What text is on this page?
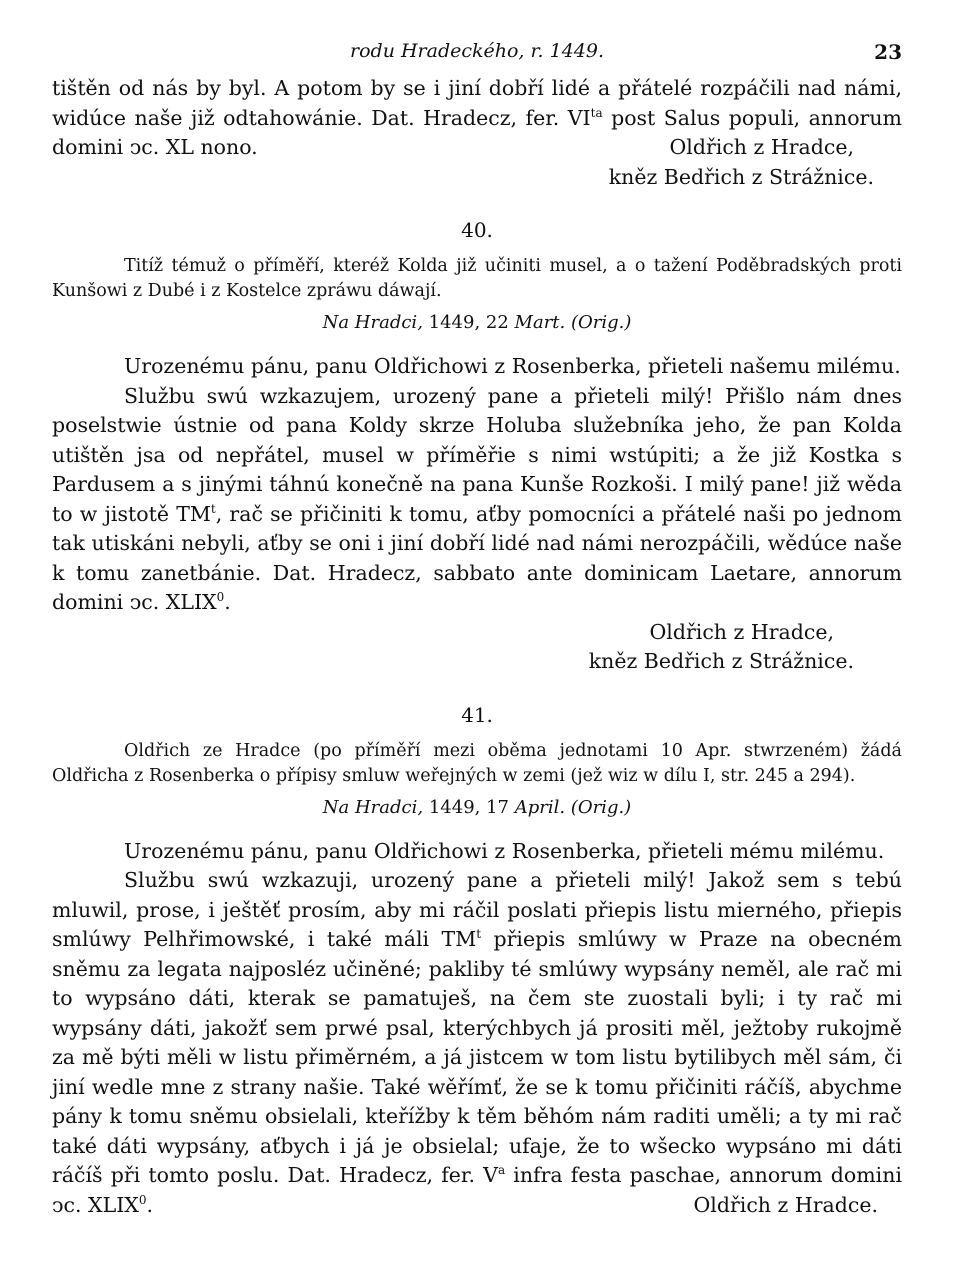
rodu Hradeckého, r. 1449.	23

tištěn od nás by byl. A potom by se i jiní dobří lidé a přátelé rozpáčili nad námi, widúce naše již odtahowánie. Dat. Hradecz, fer. $VI^{ta}$ post Salus populi, annorum domini ͻc. XL nono.	Oldřich z Hradce,
kněz Bedřich z Strážnice.
40.

Titíž témuž o příměří, kteréž Kolda již učiniti musel, a o tažení Poděbradských proti Kunšowi z Dubé i z Kostelce zpráwu dáwají.

Na Hradci, 1449, 22 Mart. (Orig.)

Urozenému pánu, panu Oldřichowi z Rosenberka, přieteli našemu milému.

Službu swú wzkazujem, urozený pane a přieteli milý! Přišlo nám dnes poselstwie ústnie od pana Koldy skrze Holuba služebníka jeho, že pan Kolda utištěn jsa od nepřátel, musel w příměřie s nimi wstúpiti; a že již Kostka s Pardusem a s jinými táhnú konečně na pana Kunše Rozkoši. I milý pane! již wěda to w jistotě $TM^t$, rač se přičiniti k tomu, aťby pomocníci a přátelé naši po jednom tak utiskáni nebyli, aťby se oni i jiní dobří lidé nad námi nerozpáčili, wědúce naše k tomu zanetbánie. Dat. Hradecz, sabbato ante dominicam Laetare, annorum domini ͻc. XLIX$^0$.

Oldřich z Hradce,
kněz Bedřich z Strážnice.
41.

Oldřich ze Hradce (po příměří mezi oběma jednotami 10 Apr. stwrzeném) žádá Oldřicha z Rosenberka o přípisy smluw weřejných w zemi (jež wiz w dílu I, str. 245 a 294).

Na Hradci, 1449, 17 April. (Orig.)

Urozenému pánu, panu Oldřichowi z Rosenberka, přieteli mému milému.

Službu swú wzkazuji, urozený pane a přieteli milý! Jakož sem s tebú mluwil, prose, i ještěť prosím, aby mi ráčil poslati přiepis listu mierného, přiepis smlúwy Pelhřimowské, i také máli $TM^t$ přiepis smlúwy w Praze na obecném sněmu za legata najposléz učiněné; pakliby té smlúwy wypsány neměl, ale rač mi to wypsáno dáti, kterak se pamatuješ, na čem ste zuostali byli; i ty rač mi wypsány dáti, jakožť sem prwé psal, kterýchbych já prositi měl, ježtoby rukojmě za mě býti měli w listu přiměrném, a já jistcem w tom listu bytilibych měl sám, či jiní wedle mne z strany našie. Také wěřímť, že se k tomu přičiniti ráčíš, abychme pány k tomu sněmu obsielali, kteřížby k těm běhóm nám raditi uměli; a ty mi rač také dáti wypsány, aťbych i já je obsielal; ufaje, že to wšecko wypsáno mi dáti ráčíš při tomto poslu. Dat. Hradecz, fer. $V^a$ infra festa paschae, annorum domini ͻc. XLIX$^0$.	Oldřich z Hradce.
